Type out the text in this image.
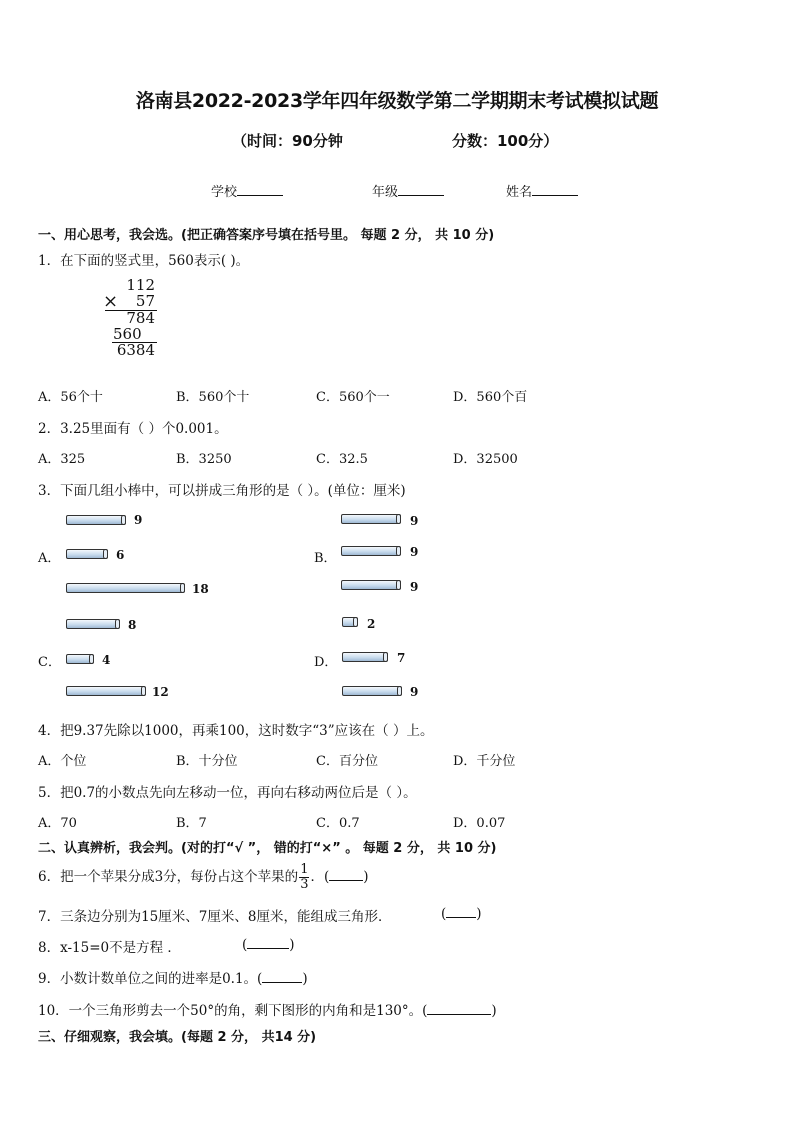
洛南县2022-2023学年四年级数学第二学期期末考试模拟试题
（时间：90分钟	分数：100分）
学校	年级	姓名
一、用心思考，我会选。(把正确答案序号填在括号里。 每题 2 分， 共 10 分)
1．在下面的竖式里，560表示( )。
112
× 57
784
560
6384
A．56个十	B．560个十	C．560个一	D．560个百
2．3.25里面有（ ）个0.001。
A．325	B．3250	C．32.5	D．32500
3．下面几组小棒中，可以拼成三角形的是（ ）。(单位：厘米)
A．
9
6
18
B．
9
9
9
8
C．	4
12
2
D．	7
9
4．把9.37先除以1000，再乘100，这时数字“3”应该在（ ）上。
A．个位	B．十分位	C．百分位	D．千分位
5．把0.7的小数点先向左移动一位，再向右移动两位后是（ ）。
A．70	B．7	C．0.7	D．0.07
二、认真辨析，我会判。(对的打“√ ”， 错的打“×” 。 每题 2 分， 共 10 分)
6．把一个苹果分成3分，每份占这个苹果的 $\frac{1}{3}$ ．(	)
7．三条边分别为15厘米、7厘米、8厘米，能组成三角形．	( )
8．x-15=0不是方程 ．	(	)
9．小数计数单位之间的进率是0.1。(	)
10．一个三角形剪去一个50°的角，剩下图形的内角和是130°。(	)
三、仔细观察，我会填。(每题 2 分， 共14 分)
